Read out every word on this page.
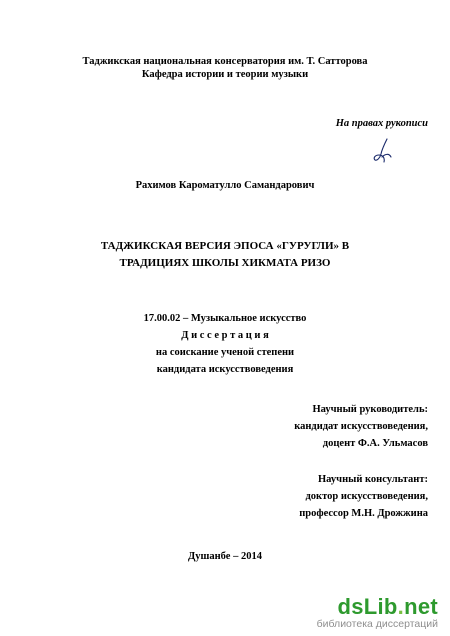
Таджикская национальная консерватория им. Т. Сатторова
Кафедра истории и теории музыки
На правах рукописи
Рахимов Кароматулло Самандарович
ТАДЖИКСКАЯ ВЕРСИЯ ЭПОСА «ГУРУГЛИ» В
ТРАДИЦИЯХ ШКОЛЫ ХИКМАТА РИЗО
17.00.02 – Музыкальное искусство
Д и с с е р т а ц и я
на соискание ученой степени
кандидата искусствоведения
Научный руководитель:
кандидат искусствоведения,
доцент Ф.А. Ульмасов
Научный консультант:
доктор искусствоведения,
профессор М.Н. Дрожжина
Душанбе – 2014
dsLib.net
библиотека диссертаций
